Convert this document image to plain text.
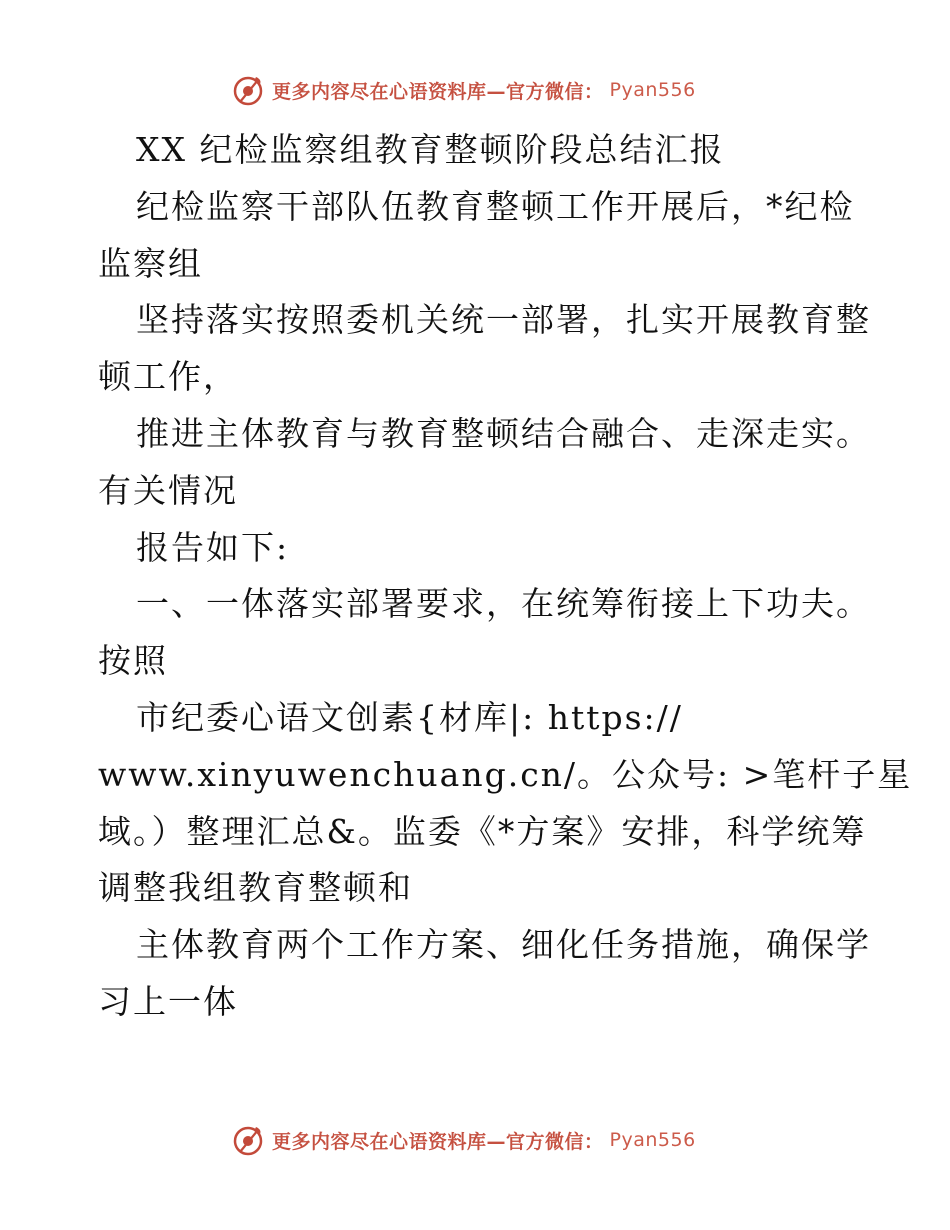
更多内容尽在心语资料库—官方微信： Pyan556
XX 纪检监察组教育整顿阶段总结汇报
纪检监察干部队伍教育整顿工作开展后，*纪检
监察组
坚持落实按照委机关统一部署，扎实开展教育整
顿工作，
推进主体教育与教育整顿结合融合、走深走实。
有关情况
报告如下:
一、一体落实部署要求，在统筹衔接上下功夫。
按照
市纪委心语文创素{材库|: https://
www.xinyuwenchuang.cn/。公众号: >笔杆子星
域。）整理汇总&。监委《*方案》安排，科学统筹
调整我组教育整顿和
主体教育两个工作方案、细化任务措施，确保学
习上一体
更多内容尽在心语资料库—官方微信： Pyan556
